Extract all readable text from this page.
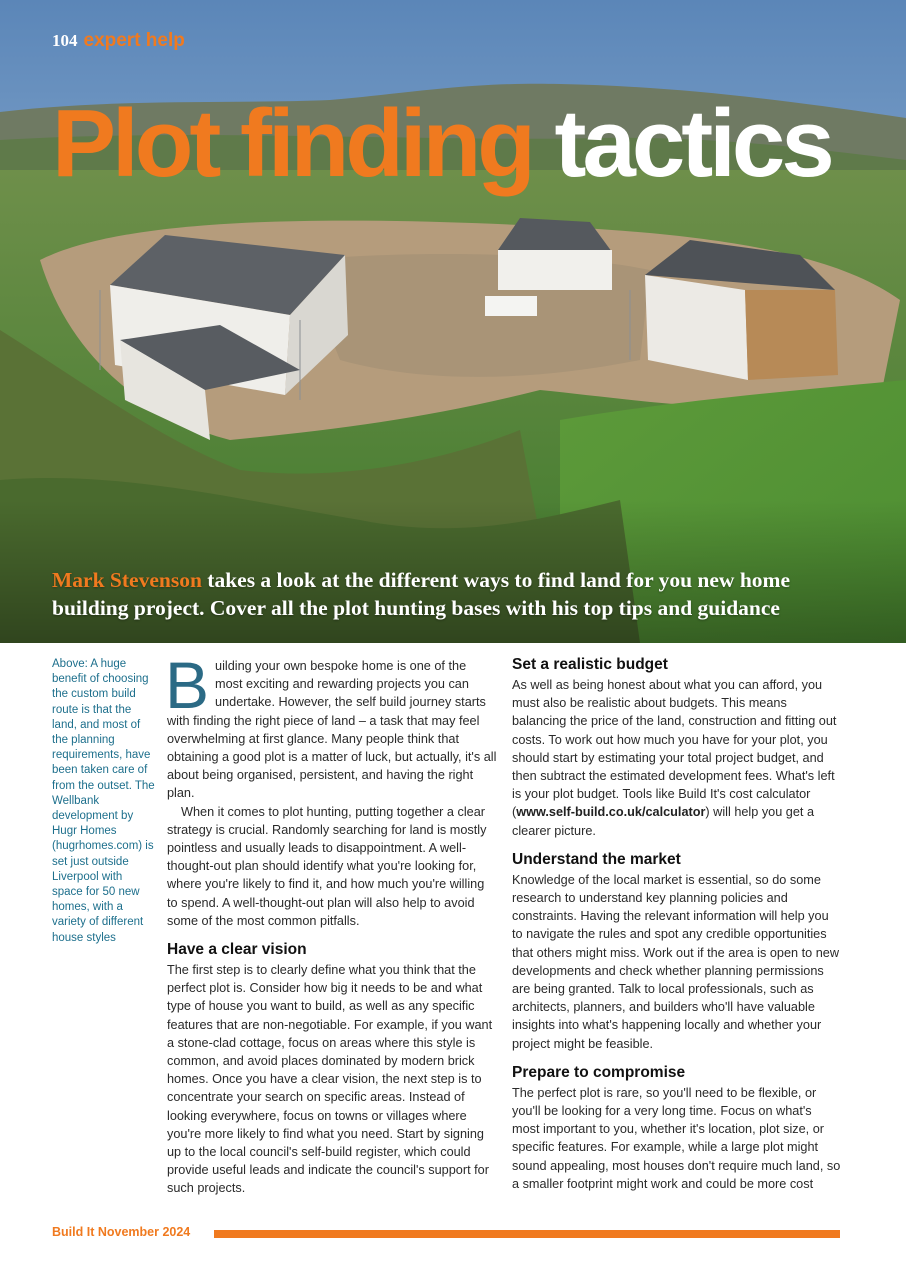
104 expert help
Plot finding tactics
Mark Stevenson takes a look at the different ways to find land for you new home building project. Cover all the plot hunting bases with his top tips and guidance
Above: A huge benefit of choosing the custom build route is that the land, and most of the planning requirements, have been taken care of from the outset. The Wellbank development by Hugr Homes (hugrhomes.com) is set just outside Liverpool with space for 50 new homes, with a variety of different house styles

Building your own bespoke home is one of the most exciting and rewarding projects you can undertake. However, the self build journey starts with finding the right piece of land – a task that may feel overwhelming at first glance. Many people think that obtaining a good plot is a matter of luck, but actually, it's all about being organised, persistent, and having the right plan.

When it comes to plot hunting, putting together a clear strategy is crucial. Randomly searching for land is mostly pointless and usually leads to disappointment. A well-thought-out plan should identify what you're looking for, where you're likely to find it, and how much you're willing to spend. A well-thought-out plan will also help to avoid some of the most common pitfalls.

Have a clear vision

The first step is to clearly define what you think that the perfect plot is. Consider how big it needs to be and what type of house you want to build, as well as any specific features that are non-negotiable. For example, if you want a stone-clad cottage, focus on areas where this style is common, and avoid places dominated by modern brick homes. Once you have a clear vision, the next step is to concentrate your search on specific areas. Instead of looking everywhere, focus on towns or villages where you're more likely to find what you need. Start by signing up to the local council's self-build register, which could provide useful leads and indicate the council's support for such projects.

Set a realistic budget

As well as being honest about what you can afford, you must also be realistic about budgets. This means balancing the price of the land, construction and fitting out costs. To work out how much you have for your plot, you should start by estimating your total project budget, and then subtract the estimated development fees. What's left is your plot budget. Tools like Build It's cost calculator (www.self-build.co.uk/calculator) will help you get a clearer picture.

Understand the market

Knowledge of the local market is essential, so do some research to understand key planning policies and constraints. Having the relevant information will help you to navigate the rules and spot any credible opportunities that others might miss. Work out if the area is open to new developments and check whether planning permissions are being granted. Talk to local professionals, such as architects, planners, and builders who'll have valuable insights into what's happening locally and whether your project might be feasible.

Prepare to compromise

The perfect plot is rare, so you'll need to be flexible, or you'll be looking for a very long time. Focus on what's most important to you, whether it's location, plot size, or specific features. For example, while a large plot might sound appealing, most houses don't require much land, so a smaller footprint might work and could be more cost

Build It November 2024
